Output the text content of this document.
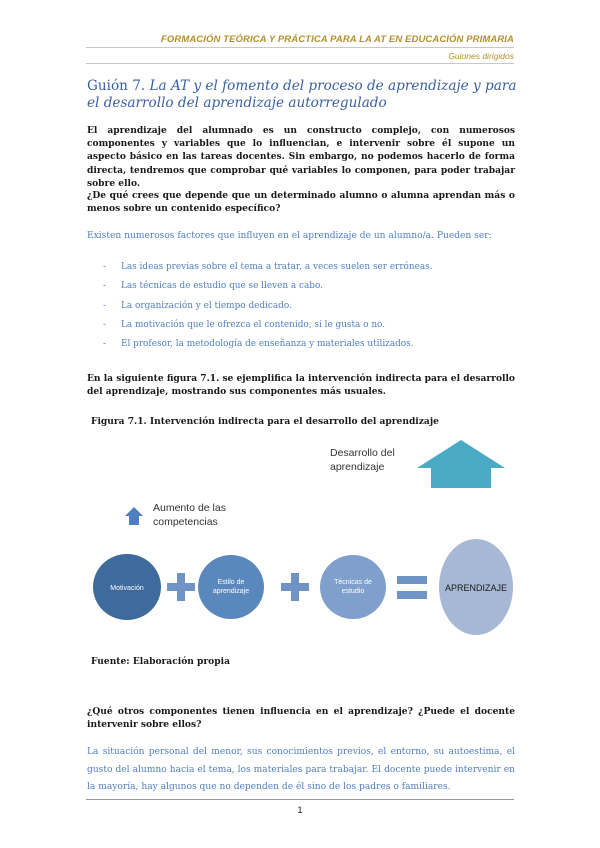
FORMACIÓN TEÓRICA Y PRÁCTICA PARA LA AT EN EDUCACIÓN PRIMARIA
Guiones dirigidos
Guión 7. La AT y el fomento del proceso de aprendizaje y para el desarrollo del aprendizaje autorregulado

El aprendizaje del alumnado es un constructo complejo, con numerosos componentes y variables que lo influencian, e intervenir sobre él supone un aspecto básico en las tareas docentes. Sin embargo, no podemos hacerlo de forma directa, tendremos que comprobar qué variables lo componen, para poder trabajar sobre ello.

¿De qué crees que depende que un determinado alumno o alumna aprendan más o menos sobre un contenido específico?

Existen numerosos factores que influyen en el aprendizaje de un alumno/a. Pueden ser:

- Las ideas previas sobre el tema a tratar, a veces suelen ser erróneas.
- Las técnicas de estudio que se lleven a cabo.
- La organización y el tiempo dedicado.
- La motivación que le ofrezca el contenido, si le gusta o no.
- El profesor, la metodología de enseñanza y materiales utilizados.

En la siguiente figura 7.1. se ejemplifica la intervención indirecta para el desarrollo del aprendizaje, mostrando sus componentes más usuales.

Figura 7.1. Intervención indirecta para el desarrollo del aprendizaje

Desarrollo del
aprendizaje
Aumento de las
competencias
Motivación
Estilo de
aprendizaje
Técnicas de
estudio	APRENDIZAJE

Fuente: Elaboración propia

¿Qué otros componentes tienen influencia en el aprendizaje? ¿Puede el docente intervenir sobre ellos?

La situación personal del menor, sus conocimientos previos, el entorno, su autoestima, el gusto del alumno hacia el tema, los materiales para trabajar. El docente puede intervenir en la mayoría, hay algunos que no dependen de él sino de los padres o familiares.

1
